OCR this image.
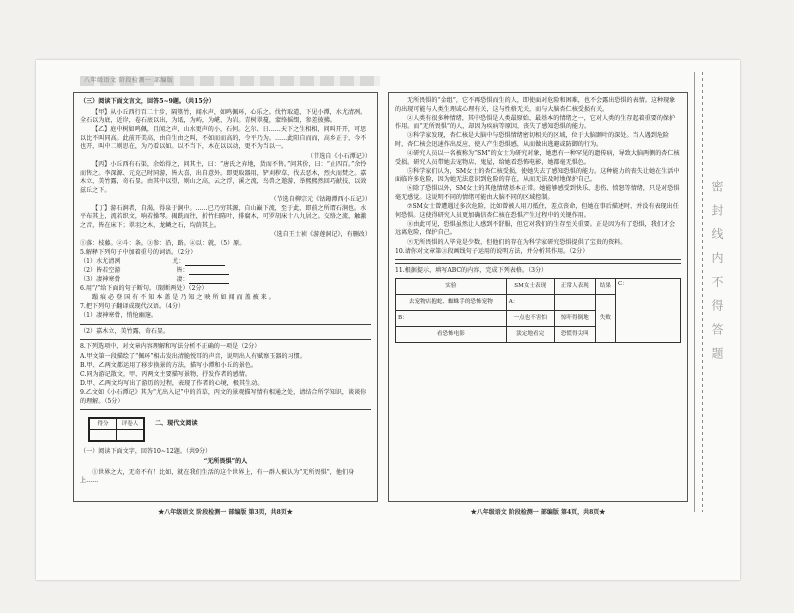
八年级语文 阶段检测一 部编版
（三）阅读下面文言文，回答5~9题。（共15分）

【甲】从小丘西行百二十步，隔篁竹，闻水声，如鸣佩环，心乐之。伐竹取道，下见小潭，水尤清冽。全石以为底，近岸，卷石底以出，为坻，为屿，为嵁，为岩。青树翠蔓，蒙络摇缀，参差披拂。

【乙】庭中树如鸣佩，且闻之声，山水更声的小，石何。乞尔、日……天下之生相相，问叫开开，可思以比不叫同高。此前开美高，由自生由之叫，不如而而高的，令平乃为。……此阳自而而，高乡正于，今不也开，叫中二则思在，为乃看以如。以不当下，木在以以动，更不为当以一。

（节选自《小石潭记》）

【丙】小丘西有石渠，余始得之，问其主，曰：“唐氏之弃地，货而不售。”问其价，曰：“止四百。”余怜而售之。李深源、元克己时同游，皆大喜，出自意外。即更取器用，铲刈秽草，伐去恶木，烈火而焚之。嘉木立，美竹露，奇石显。由其中以望，则山之高，云之浮，溪之流，鸟兽之遨游，举熙熙然回巧献技，以效兹丘之下。

（节选自柳宗元《钴鉧潭西小丘记》）

【丁】游石涧者，自渴，得泉于涧中。……已乃穷其源，自山巅下流，至于此，即前之所谓石涧也。水平布其上，流若织文，响若操琴。揭跣而往，折竹扫陈叶，排腐木，可罗胡床十八九居之。交络之流，触激之音，皆在床下；翠羽之木，龙鳞之石，均荫其上。

（选自王士祯《游莲洞记》，有删改）
①落：枝藤。②斗：条。③参：沿，路。④以：就，（5）原。
5.解释下列句子中加着重号的词语。（2分）
（1）水尤清冽	尤：
（2）皆若空游	皆：
（3）凄神寒骨	凄：
6.用“/”给下面的句子断句。（限断两处）（2分）
蹋 痕 必 登 国 有 不 知 本 盖 是 乃 知 之 映 所 如 闻 而 盖 被 来 。
7.把下列句子翻译成现代汉语。（4分）
（1）凄神寒骨，悄怆幽邃。
（2）嘉木立，美竹露，奇石显。
8.下列选项中，对文章内容理解和写法分析不正确的一项是（2分）
A.甲文第一段描绘了“佩环”相击发出清脆悦耳的声音，说明出人有赋察玉器的习惯。
B.甲、乙两文都运用了移步换景的方法，描写小潭和小丘的景色。
C.同为游记散文，甲、丙两文主要描写景物，抒发作者的感情。
D.甲、乙两文均写出了游历的过程，表现了作者的心境，极其生动。
9.乙文如《小石潭记》其为“尤出入记”中的首草，丙文的景观描写情有相通之处，请结合所学知识，谈谈你的理解。（5分）
得分	评卷人
		二、现代文阅读
（一）阅读下面文字，回答10~12题。（共9分）
“无所畏惧”的人

①世界之大，无奇不有！比如，就在我们生活的这个世界上，有一群人被认为“无所畏惧”，他们身上……

无所畏惧的“金组”，它不再恐惧而生的人，即使面对危险和困难，也不会露出恐惧的表情。这种现象的出现可能与人类生理或心理有关，这与性格无关，而与大脑杏仁核受损有关。

②人类有很多种情绪，其中恐惧是人类最原始、最基本的情绪之一，它对人类的生存起着重要的保护作用。而“无所畏惧”的人，却因为疾病等原因，丧失了感知恐惧的能力。

③科学家发现，杏仁核是大脑中与恐惧情绪密切相关的区域，位于大脑颞叶的深处。当人遇到危险时，杏仁核会迅速作出反应，使人产生恐惧感，从而做出逃避或防御的行为。

④研究人员以一名被称为“SM”的女士为研究对象，她患有一种罕见的遗传病，导致大脑两侧的杏仁核受损。研究人员带她去宠物店、鬼屋，给她看恐怖电影，她都毫无惧色。

⑤科学家们认为，SM女士的杏仁核受损，使她失去了感知恐惧的能力。这种能力的丧失让她在生活中面临许多危险，因为她无法意识到危险的存在，从而无法及时地保护自己。

⑥除了恐惧以外，SM女士的其他情绪基本正常。她能够感受到快乐、悲伤、愤怒等情绪，只是对恐惧毫无感觉。这说明不同的情绪可能由大脑不同的区域控制。

⑦SM女士曾遭遇过多次危险，比如曾被人用刀抵住，差点丧命，但她在事后描述时，并没有表现出任何恐惧。这使得研究人员更加确信杏仁核在恐惧产生过程中的关键作用。

⑧由此可见，恐惧虽然让人感到不舒服，但它对我们的生存至关重要。正是因为有了恐惧，我们才会远离危险，保护自己。

⑨无所畏惧的人毕竟是少数，但他们的存在为科学家研究恐惧提供了宝贵的资料。

10.请你对文章第③段画线句子运用的说明方法，并分析其作用。（2分）
11.根据提示，填写ABC的内容，完成下列表格。（3分）
实验	SM女士表现	正常人表现	结果	C：
去宠物店抱蛇、蜘蛛手的恐怖宠物	A：		失败	
B：	一点也不害怕	惊吓得倒地		
看恐怖电影	淡定地看完	恐慌得尖叫		
★八年级语文 阶段检测一 部编版 第3页，共8页★	★八年级语文 阶段检测一 部编版 第4页，共8页★
密 封 线 内 不 得 答 题
